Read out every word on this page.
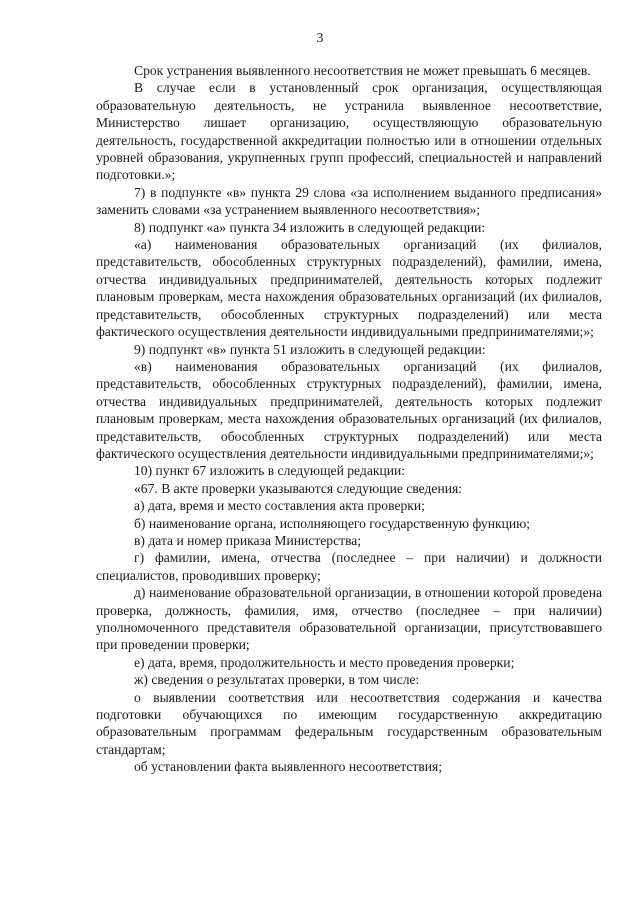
3

Срок устранения выявленного несоответствия не может превышать 6 месяцев.

В случае если в установленный срок организация, осуществляющая образовательную деятельность, не устранила выявленное несоответствие, Министерство лишает организацию, осуществляющую образовательную деятельность, государственной аккредитации полностью или в отношении отдельных уровней образования, укрупненных групп профессий, специальностей и направлений подготовки.»;

7) в подпункте «в» пункта 29 слова «за исполнением выданного предписания» заменить словами «за устранением выявленного несоответствия»;

8) подпункт «а» пункта 34 изложить в следующей редакции:

«а) наименования образовательных организаций (их филиалов, представительств, обособленных структурных подразделений), фамилии, имена, отчества индивидуальных предпринимателей, деятельность которых подлежит плановым проверкам, места нахождения образовательных организаций (их филиалов, представительств, обособленных структурных подразделений) или места фактического осуществления деятельности индивидуальными предпринимателями;»;

9) подпункт «в» пункта 51 изложить в следующей редакции:

«в) наименования образовательных организаций (их филиалов, представительств, обособленных структурных подразделений), фамилии, имена, отчества индивидуальных предпринимателей, деятельность которых подлежит плановым проверкам, места нахождения образовательных организаций (их филиалов, представительств, обособленных структурных подразделений) или места фактического осуществления деятельности индивидуальными предпринимателями;»;

10) пункт 67 изложить в следующей редакции:

«67. В акте проверки указываются следующие сведения:

а) дата, время и место составления акта проверки;

б) наименование органа, исполняющего государственную функцию;

в) дата и номер приказа Министерства;

г) фамилии, имена, отчества (последнее – при наличии) и должности специалистов, проводивших проверку;

д) наименование образовательной организации, в отношении которой проведена проверка, должность, фамилия, имя, отчество (последнее – при наличии) уполномоченного представителя образовательной организации, присутствовавшего при проведении проверки;

е) дата, время, продолжительность и место проведения проверки;

ж) сведения о результатах проверки, в том числе:

о выявлении соответствия или несоответствия содержания и качества подготовки обучающихся по имеющим государственную аккредитацию образовательным программам федеральным государственным образовательным стандартам;

об установлении факта выявленного несоответствия;
